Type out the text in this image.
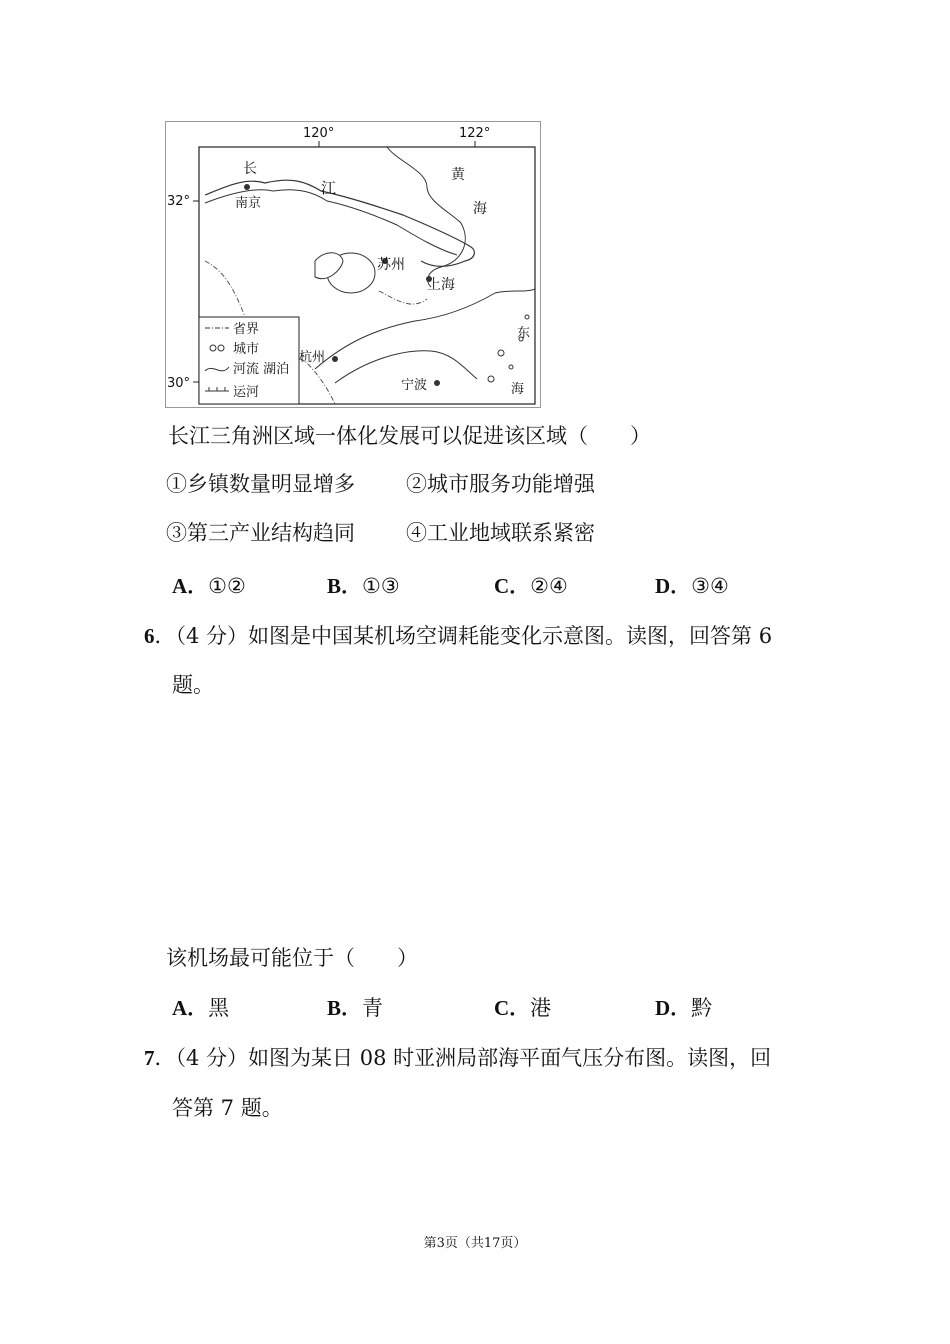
120°	122°
32°
30°
长
江
南京
黄
海
苏州
上海
东
海
杭州
宁波
省界
城市
河流 湖泊
运河
长江三角洲区域一体化发展可以促进该区域（　　）
①乡镇数量明显增多 ②城市服务功能增强
③第三产业结构趋同 ④工业地域联系紧密
A．①②	B．①③	C．②④	D．③④
6．（4 分）如图是中国某机场空调耗能变化示意图。读图，回答第 6
题。
该机场最可能位于（　　）
A．黑	B．青	C．港	D．黔
7．（4 分）如图为某日 08 时亚洲局部海平面气压分布图。读图，回
答第 7 题。
第3页（共17页）
